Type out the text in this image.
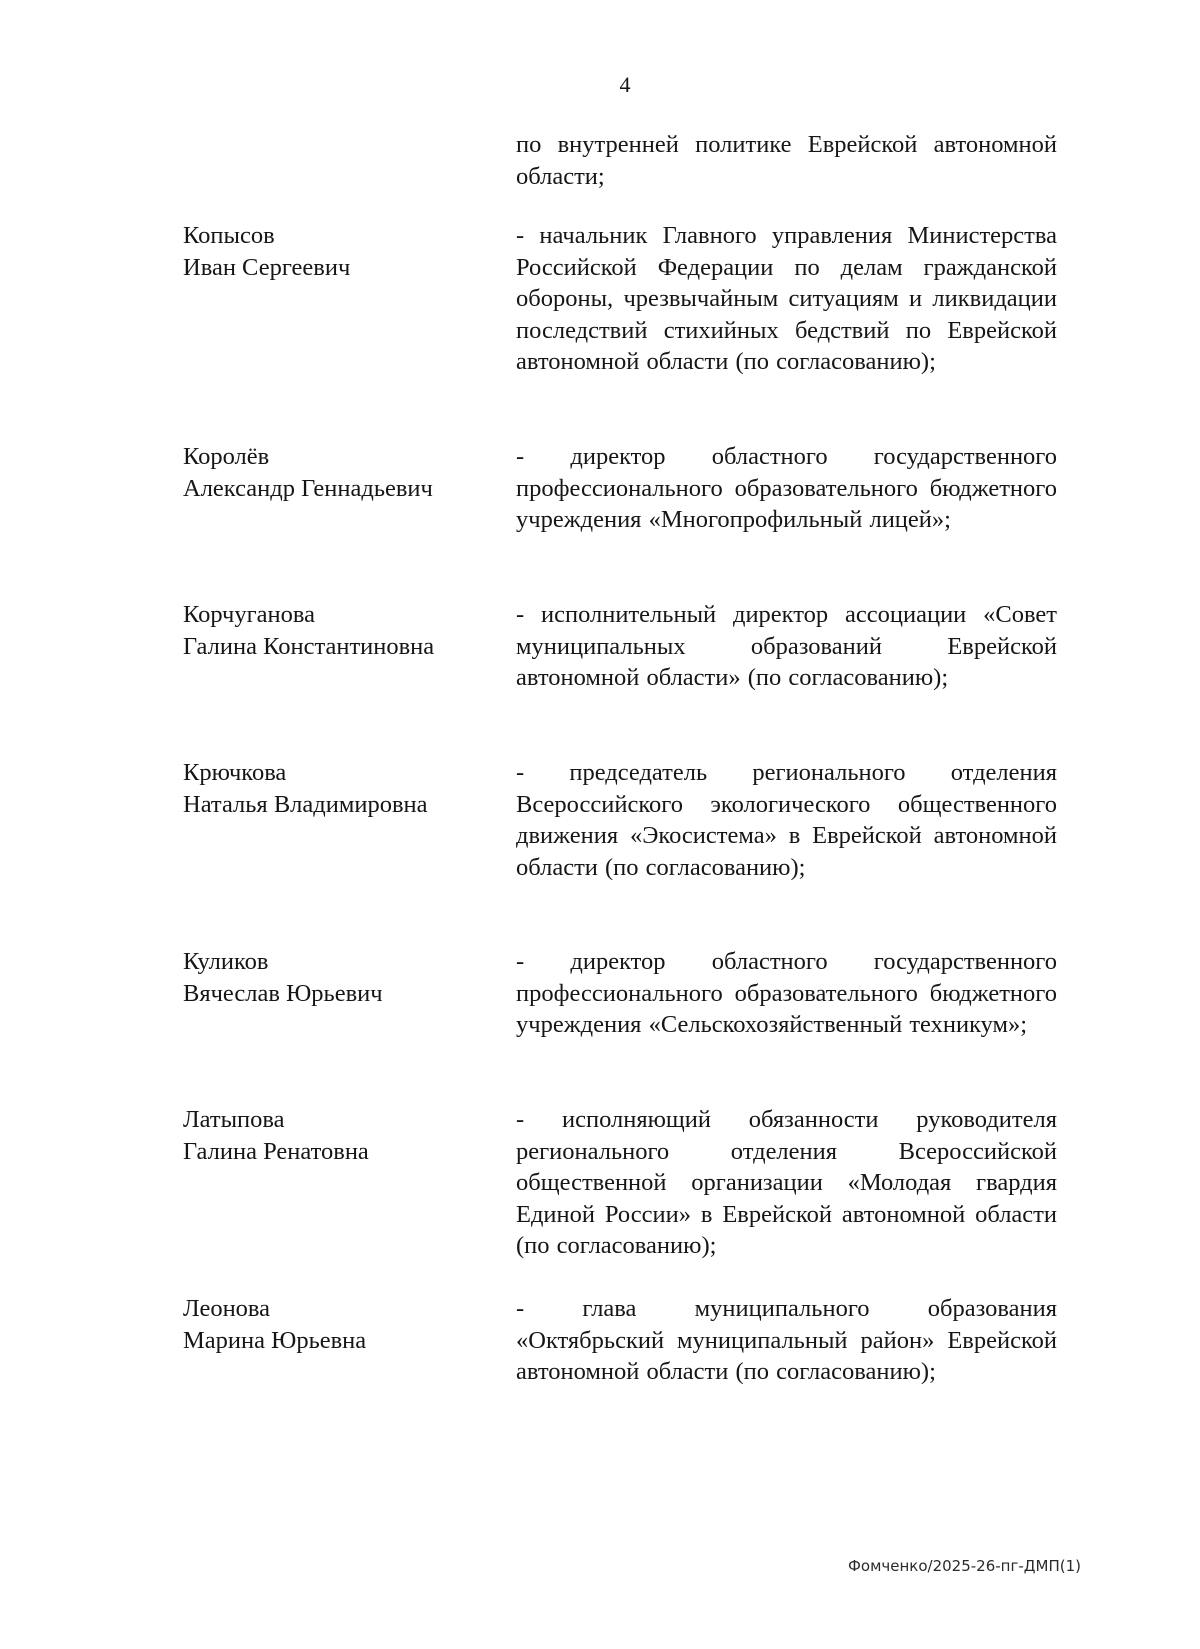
4

по внутренней политике Еврейской автономной области;

Копысов
Иван Сергеевич

- начальник Главного управления Министерства Российской Федерации по делам гражданской обороны, чрезвычайным ситуациям и ликвидации последствий стихийных бедствий по Еврейской автономной области (по согласованию);

Королёв
Александр Геннадьевич

- директор областного государственного профессионального образовательного бюджетного учреждения «Многопрофильный лицей»;

Корчуганова
Галина Константиновна

- исполнительный директор ассоциации «Совет муниципальных образований Еврейской автономной области» (по согласованию);

Крючкова
Наталья Владимировна

- председатель регионального отделения Всероссийского экологического общественного движения «Экосистема» в Еврейской автономной области (по согласованию);

Куликов
Вячеслав Юрьевич

- директор областного государственного профессионального образовательного бюджетного учреждения «Сельскохозяйственный техникум»;

Латыпова
Галина Ренатовна

- исполняющий обязанности руководителя регионального отделения Всероссийской общественной организации «Молодая гвардия Единой России» в Еврейской автономной области (по согласованию);

Леонова
Марина Юрьевна

- глава муниципального образования «Октябрьский муниципальный район» Еврейской автономной области (по согласованию);

Фомченко/2025-26-пг-ДМП(1)
